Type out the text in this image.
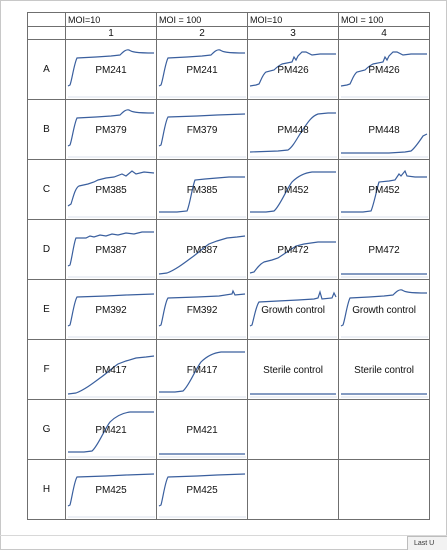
	MOI=10	MOI = 100	MOI=10	MOI = 100
	1	2	3	4
A	PM241	PM241	PM426	PM426

B	PM379	FM379	PM448	PM448

C	PM385	FM385	PM452	PM452

D	PM387	PM387	PM472	PM472

E	PM392	FM392	Growth control	Growth control

F	PM417	FM417	Sterile control	Sterile control

G	PM421	PM421		

H	PM425	PM425		

Last U
